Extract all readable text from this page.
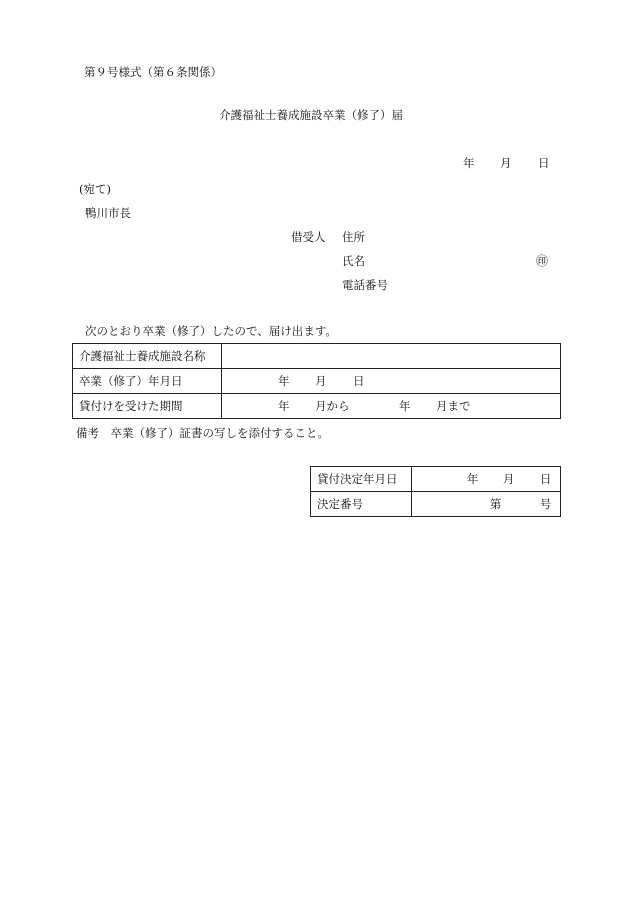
第９号様式（第６条関係）
介護福祉士養成施設卒業（修了）届
年 月 日
(宛て)
鴨川市長
借受人 住所
氏名	㊞
電話番号
次のとおり卒業（修了）したので、届け出ます。
介護福祉士養成施設名称	
卒業（修了）年月日	年 月 日

貸付けを受けた期間	年 月から 年 月まで
備考　卒業（修了）証書の写しを添付すること。
貸付決定年月日	年 月 日

決定番号	第 号
